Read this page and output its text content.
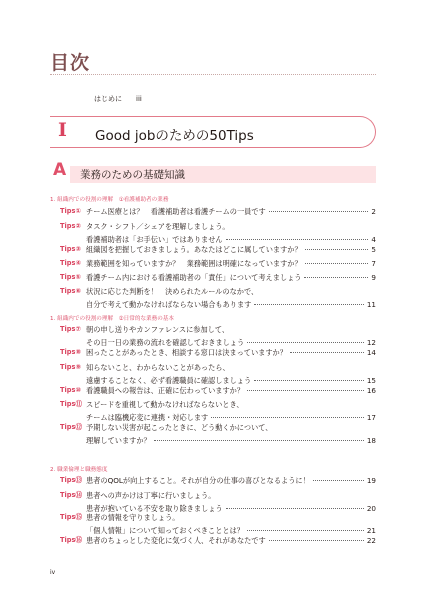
目次
はじめに iii
I Good jobのための50Tips
A 業務のための基礎知識
1. 組織内での役割の理解　①看護補助者の業務
1. 組織内での役割の理解　②日常的な業務の基本
2. 職業倫理と職務態度
Tips① チーム医療とは？　看護補助者は看護チームの一員です	2
Tips② タスク・シフト／シェアを理解しましょう。
看護補助者は「お手伝い」ではありません	4
Tips③ 組織図を把握しておきましょう。あなたはどこに属していますか？	5
Tips④ 業務範囲を知っていますか？　業務範囲は明確になっていますか？	7
Tips⑤ 看護チーム内における看護補助者の「責任」について考えましょう	9
Tips⑥ 状況に応じた判断を！　決められたルールのなかで、
自分で考えて動かなければならない場合もあります	11
Tips⑦ 朝の申し送りやカンファレンスに参加して、
その日一日の業務の流れを確認しておきましょう	12
Tips⑧ 困ったことがあったとき、相談する窓口は決まっていますか？	14
Tips⑨ 知らないこと、わからないことがあったら、
遠慮することなく、必ず看護職員に確認しましょう	15
Tips⑩ 看護職員への報告は、正確に伝わっていますか？	16
Tips⑪ スピードを重視して動かなければならないとき、
チームは臨機応変に連携・対応します	17
Tips⑫ 予期しない災害が起こったときに、どう動くかについて、
理解していますか？	18
Tips⑬ 患者のQOLが向上すること。それが自分の仕事の喜びとなるように！	19
Tips⑭ 患者への声かけは丁寧に行いましょう。
患者が抱いている不安を取り除きましょう	20
Tips⑮ 患者の情報を守りましょう。
「個人情報」について知っておくべきこととは？	21
Tips⑯ 患者のちょっとした変化に気づく人、それがあなたです	22
iv
